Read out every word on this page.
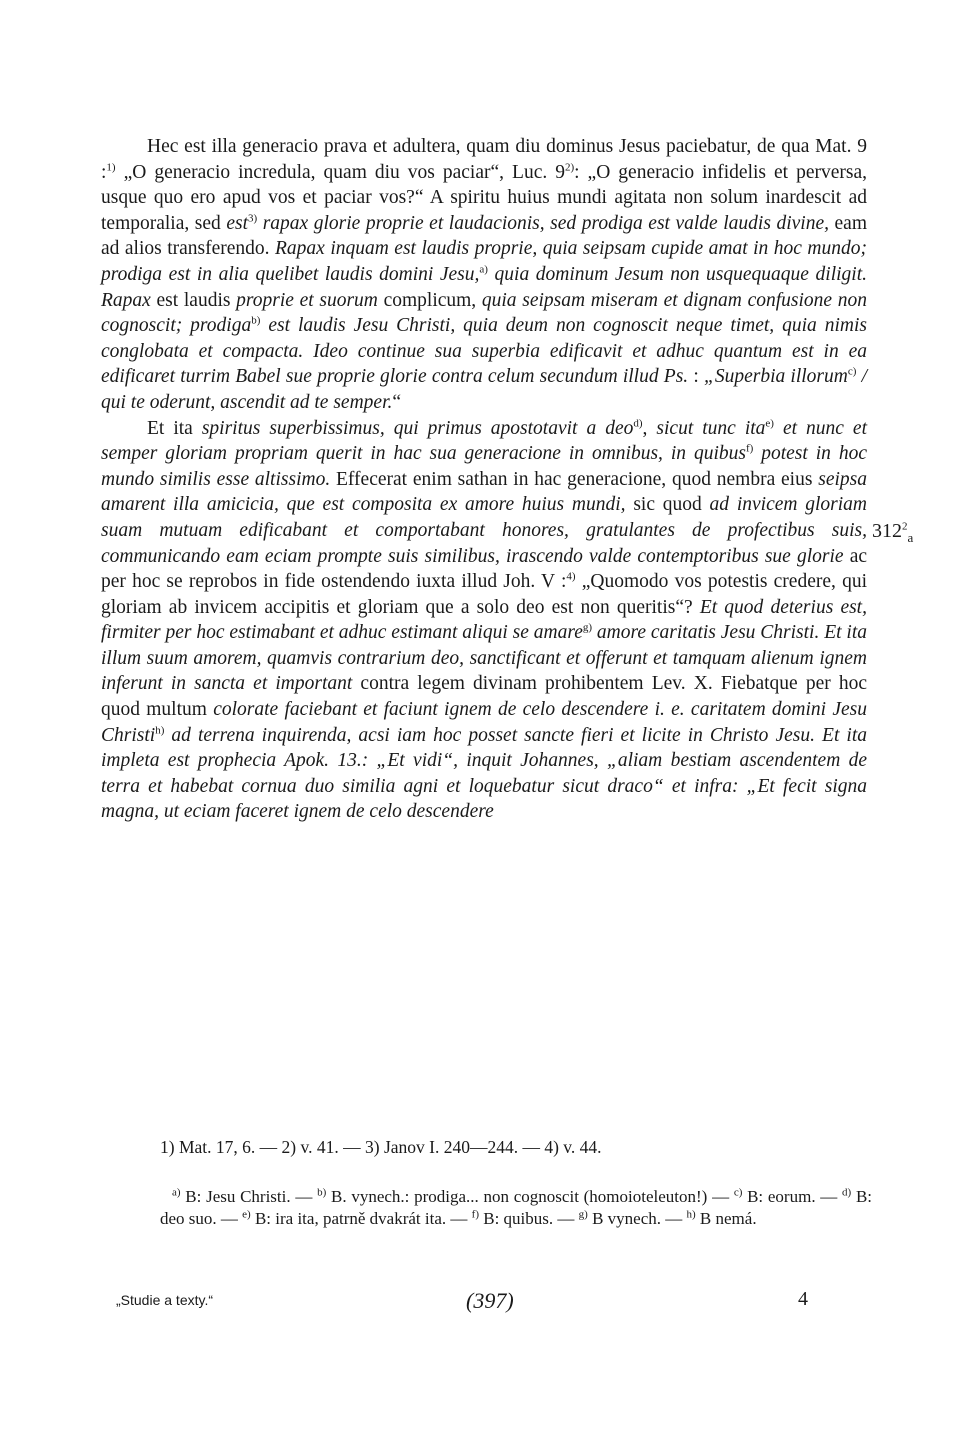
Hec est illa generacio prava et adultera, quam diu dominus Jesus paciebatur, de qua Mat. 9 :$^{1)}$ „O generacio incredula, quam diu vos paciar“, Luc. 9$^{2)}$: „O generacio infidelis et perversa, usque quo ero apud vos et paciar vos?“ A spiritu huius mundi agitata non solum inardescit ad temporalia, sed est$^{3)}$ rapax glorie proprie et laudacionis, sed prodiga est valde laudis divine, eam ad alios transferendo. Rapax inquam est laudis proprie, quia seipsam cupide amat in hoc mundo; prodiga est in alia quelibet laudis domini Jesu,$^{a)}$ quia dominum Jesum non usquequaque diligit. Rapax est laudis proprie et suorum complicum, quia seipsam miseram et dignam confusione non cognoscit; prodiga$^{b)}$ est laudis Jesu Christi, quia deum non cognoscit neque timet, quia nimis conglobata et compacta. Ideo continue sua superbia edificavit et adhuc quantum est in ea edificaret turrim Babel sue proprie glorie contra celum secundum illud Ps. : „Superbia illorum$^{c)}$ / qui te oderunt, ascendit ad te semper.“

Et ita spiritus superbissimus, qui primus apostotavit a deo$^{d)}$, sicut tunc ita$^{e)}$ et nunc et semper gloriam propriam querit in hac sua generacione in omnibus, in quibus$^{f)}$ potest in hoc mundo similis esse altissimo. Effecerat enim sathan in hac generacione, quod nembra eius seipsa amarent illa amicicia, que est composita ex amore huius mundi, sic quod ad invicem gloriam suam mutuam edificabant et comportabant honores, gratulantes de profectibus suis, communicando eam eciam prompte suis similibus, irascendo valde contemptoribus sue glorie ac per hoc se reprobos in fide ostendendo iuxta illud Joh. V :$^{4)}$ „Quomodo vos potestis credere, qui gloriam ab invicem accipitis et gloriam que a solo deo est non queritis“? Et quod deterius est, firmiter per hoc estimabant et adhuc estimant aliqui se amare$^{g)}$ amore caritatis Jesu Christi. Et ita illum suum amorem, quamvis contrarium deo, sanctificant et offerunt et tamquam alienum ignem inferunt in sancta et important contra legem divinam prohibentem Lev. X. Fiebatque per hoc quod multum colorate faciebant et faciunt ignem de celo descendere i. e. caritatem domini Jesu Christi$^{h)}$ ad terrena inquirenda, acsi iam hoc posset sancte fieri et licite in Christo Jesu. Et ita impleta est prophecia Apok. 13.: „Et vidi“, inquit Johannes, „aliam bestiam ascendentem de terra et habebat cornua duo similia agni et loquebatur sicut draco“ et infra: „Et fecit signa magna, ut eciam faceret ignem de celo descendere

$312^2_a$
1) Mat. 17, 6. — 2) v. 41. — 3) Janov I. 240—244. — 4) v. 44.

$^{a)}$ B: Jesu Christi. — $^{b)}$ B. vynech.: prodiga... non cognoscit (homoioteleuton!) — $^{c)}$ B: eorum. — $^{d)}$ B: deo suo. — $^{e)}$ B: ira ita, patrně dvakrát ita. — $^{f)}$ B: quibus. — $^{g)}$ B vynech. — $^{h)}$ B nemá.

„Studie a texty.“	(397)	4
